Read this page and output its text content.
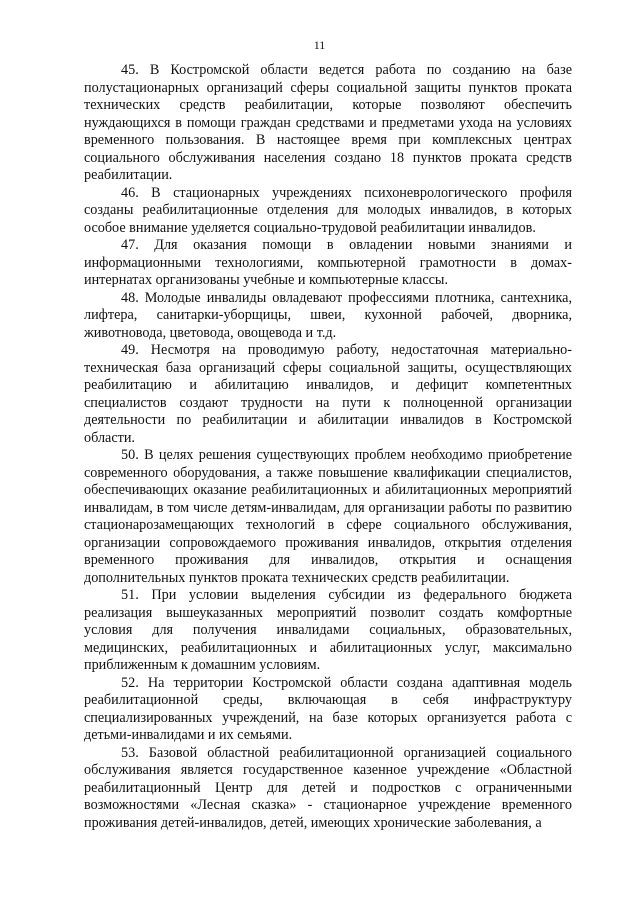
11

45. В Костромской области ведется работа по созданию на базе полустационарных организаций сферы социальной защиты пунктов проката технических средств реабилитации, которые позволяют обеспечить нуждающихся в помощи граждан средствами и предметами ухода на условиях временного пользования. В настоящее время при комплексных центрах социального обслуживания населения создано 18 пунктов проката средств реабилитации.

46. В стационарных учреждениях психоневрологического профиля созданы реабилитационные отделения для молодых инвалидов, в которых особое внимание уделяется социально-трудовой реабилитации инвалидов.

47. Для оказания помощи в овладении новыми знаниями и информационными технологиями, компьютерной грамотности в домах-интернатах организованы учебные и компьютерные классы.

48. Молодые инвалиды овладевают профессиями плотника, сантехника, лифтера, санитарки-уборщицы, швеи, кухонной рабочей, дворника, животновода, цветовода, овощевода и т.д.

49. Несмотря на проводимую работу, недостаточная материально-техническая база организаций сферы социальной защиты, осуществляющих реабилитацию и абилитацию инвалидов, и дефицит компетентных специалистов создают трудности на пути к полноценной организации деятельности по реабилитации и абилитации инвалидов в Костромской области.

50. В целях решения существующих проблем необходимо приобретение современного оборудования, а также повышение квалификации специалистов, обеспечивающих оказание реабилитационных и абилитационных мероприятий инвалидам, в том числе детям-инвалидам, для организации работы по развитию стационарозамещающих технологий в сфере социального обслуживания, организации сопровождаемого проживания инвалидов, открытия отделения временного проживания для инвалидов, открытия и оснащения дополнительных пунктов проката технических средств реабилитации.

51. При условии выделения субсидии из федерального бюджета реализация вышеуказанных мероприятий позволит создать комфортные условия для получения инвалидами социальных, образовательных, медицинских, реабилитационных и абилитационных услуг, максимально приближенным к домашним условиям.

52. На территории Костромской области создана адаптивная модель реабилитационной среды, включающая в себя инфраструктуру специализированных учреждений, на базе которых организуется работа с детьми-инвалидами и их семьями.

53. Базовой областной реабилитационной организацией социального обслуживания является государственное казенное учреждение «Областной реабилитационный Центр для детей и подростков с ограниченными возможностями «Лесная сказка» - стационарное учреждение временного проживания детей-инвалидов, детей, имеющих хронические заболевания, а
